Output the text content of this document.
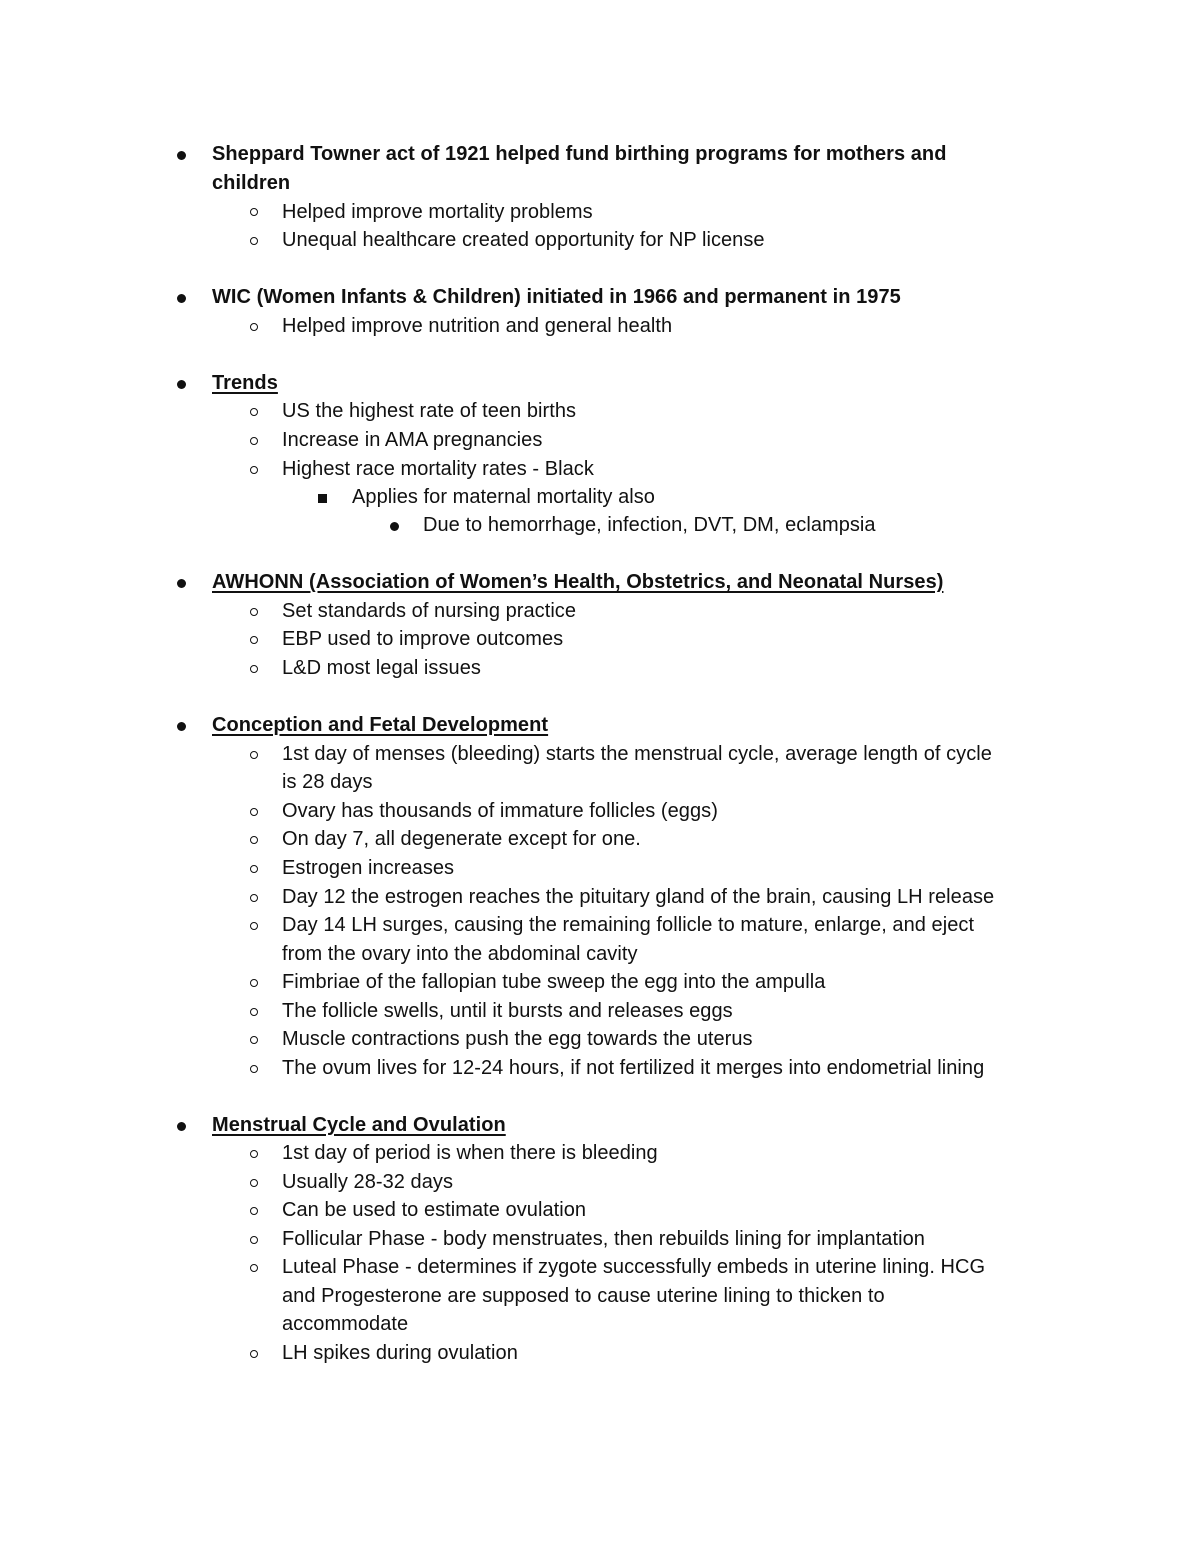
Sheppard Towner act of 1921 helped fund birthing programs for mothers and
children
Helped improve mortality problems
Unequal healthcare created opportunity for NP license
WIC (Women Infants & Children) initiated in 1966 and permanent in 1975
Helped improve nutrition and general health
Trends
US the highest rate of teen births
Increase in AMA pregnancies
Highest race mortality rates - Black
Applies for maternal mortality also
Due to hemorrhage, infection, DVT, DM, eclampsia
AWHONN (Association of Women’s Health, Obstetrics, and Neonatal Nurses)
Set standards of nursing practice
EBP used to improve outcomes
L&D most legal issues
Conception and Fetal Development
1st day of menses (bleeding) starts the menstrual cycle, average length of cycle
is 28 days
Ovary has thousands of immature follicles (eggs)
On day 7, all degenerate except for one.
Estrogen increases
Day 12 the estrogen reaches the pituitary gland of the brain, causing LH release
Day 14 LH surges, causing the remaining follicle to mature, enlarge, and eject
from the ovary into the abdominal cavity
Fimbriae of the fallopian tube sweep the egg into the ampulla
The follicle swells, until it bursts and releases eggs
Muscle contractions push the egg towards the uterus
The ovum lives for 12-24 hours, if not fertilized it merges into endometrial lining
Menstrual Cycle and Ovulation
1st day of period is when there is bleeding
Usually 28-32 days
Can be used to estimate ovulation
Follicular Phase - body menstruates, then rebuilds lining for implantation
Luteal Phase - determines if zygote successfully embeds in uterine lining. HCG
and Progesterone are supposed to cause uterine lining to thicken to
accommodate
LH spikes during ovulation
